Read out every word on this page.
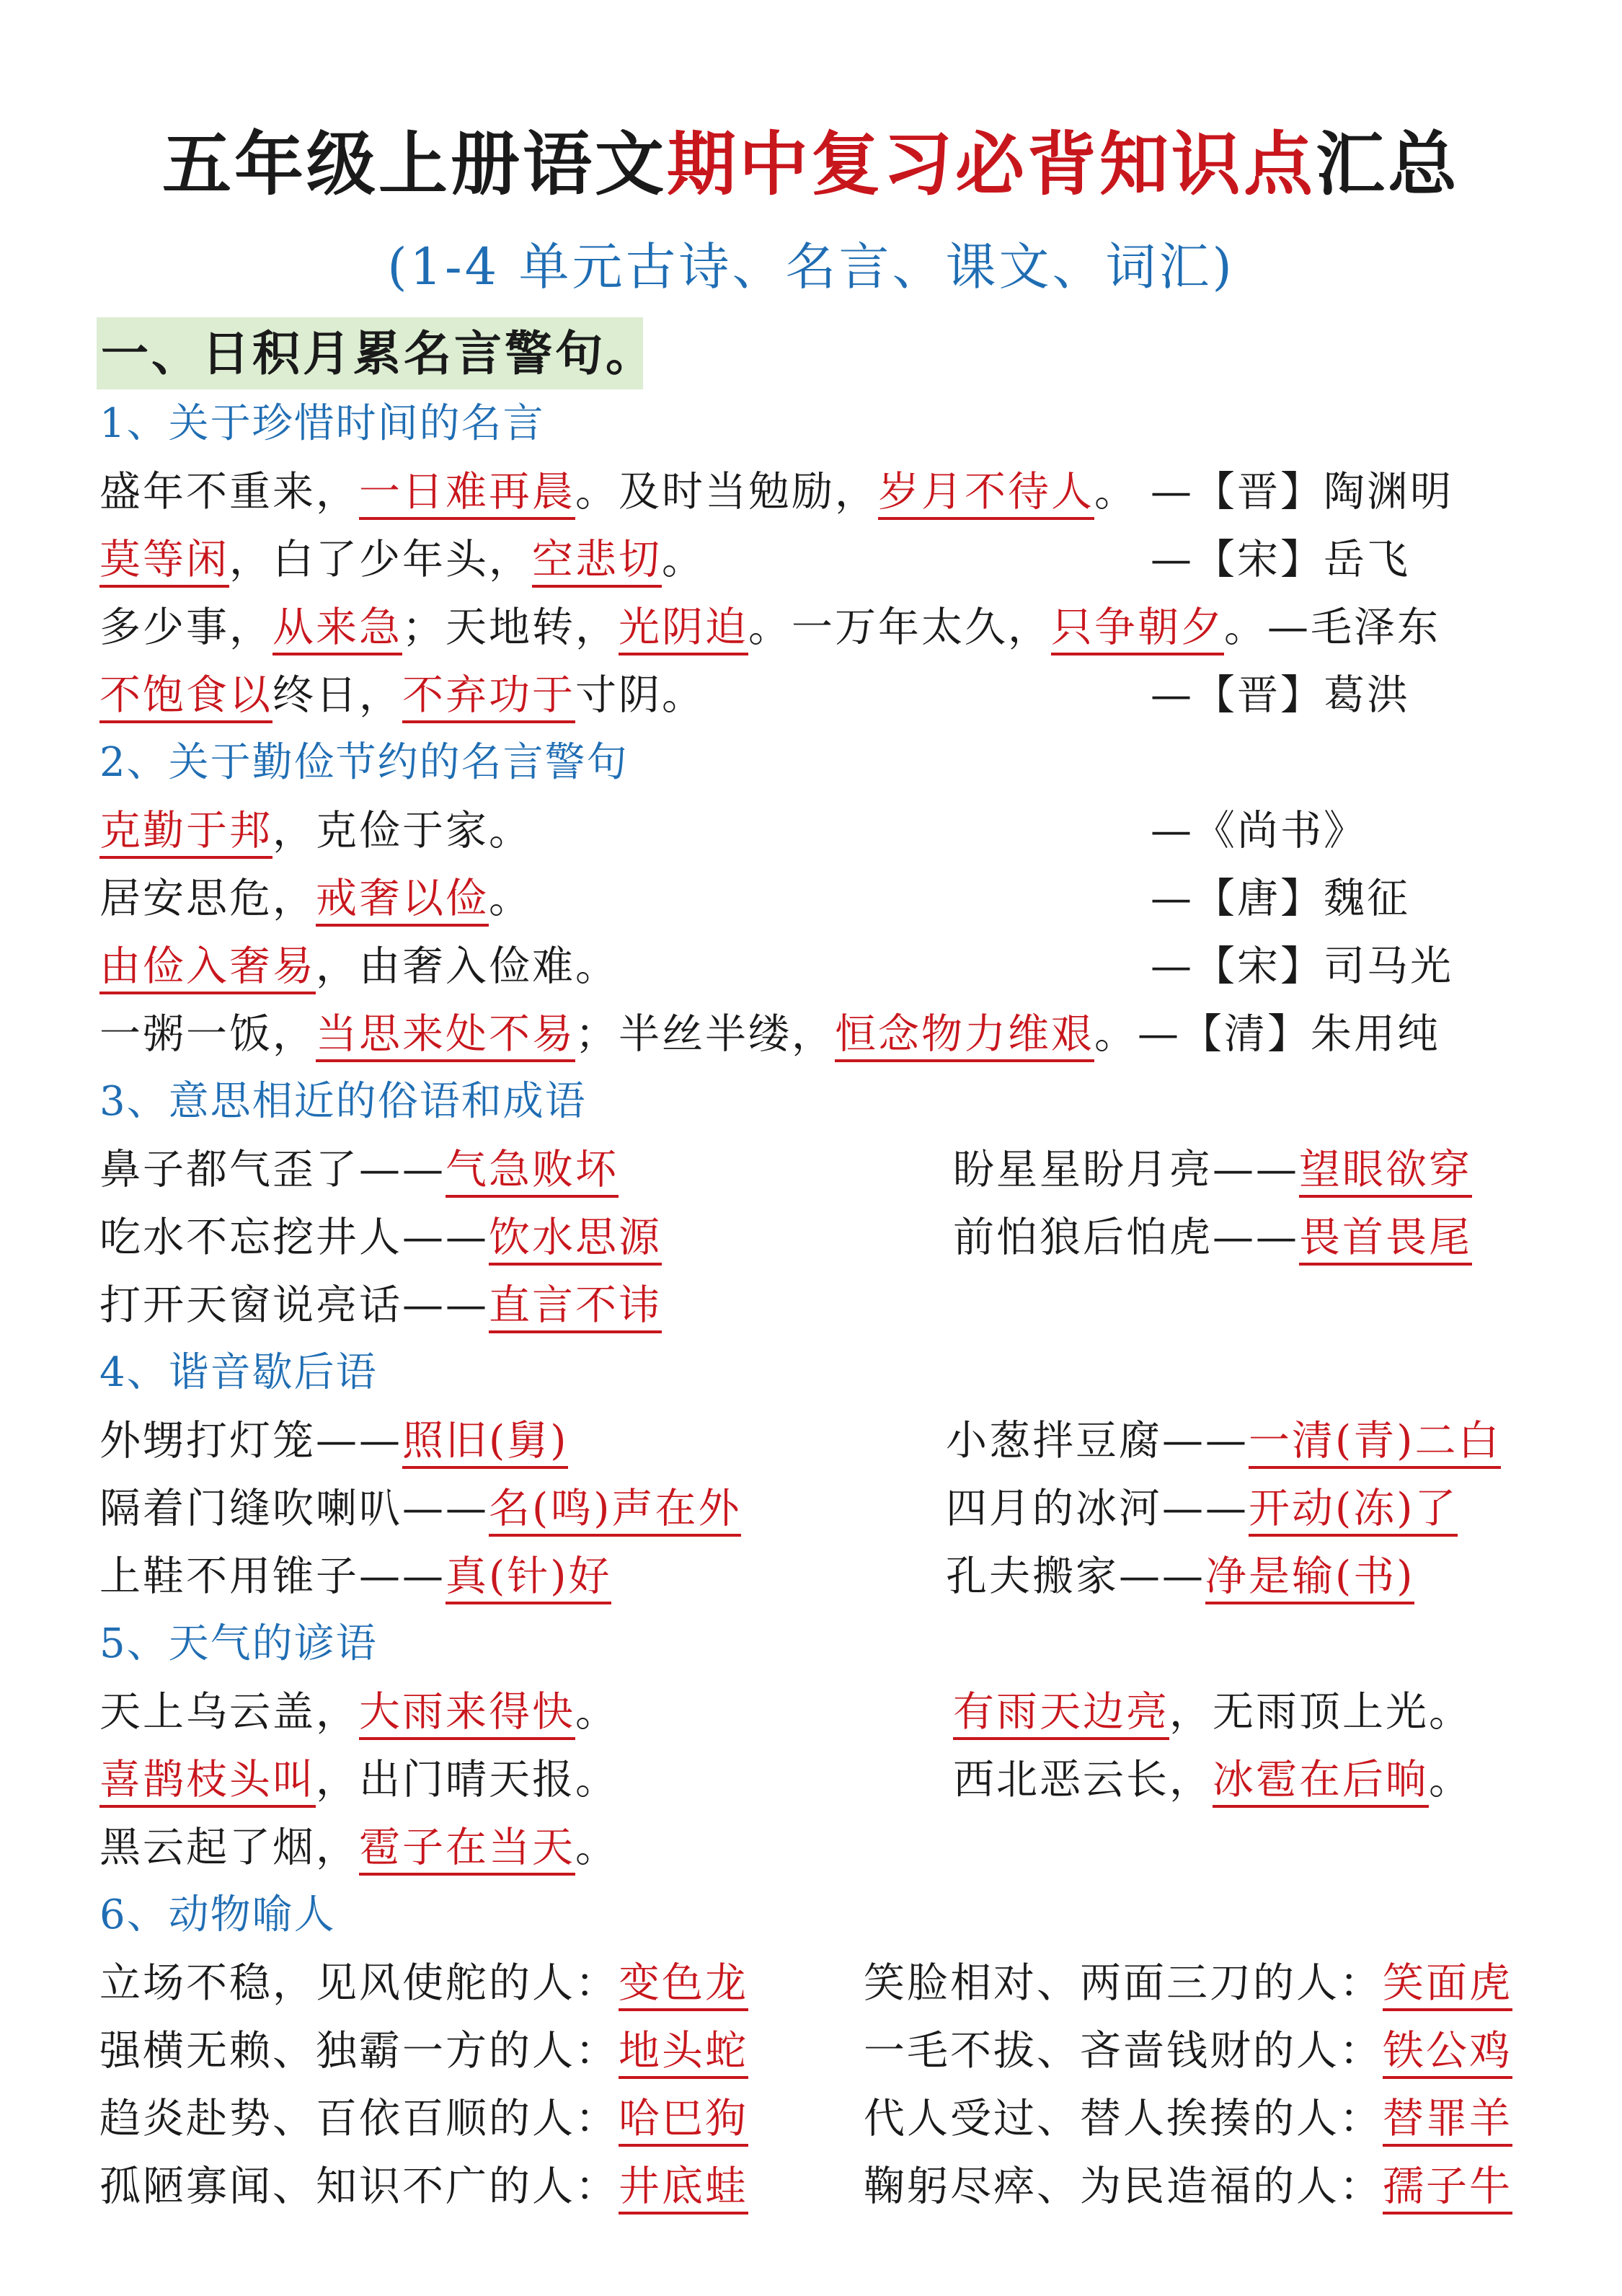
五年级上册语文期中复习必背知识点汇总
(1-4 单元古诗、名言、课文、词汇)
一、日积月累名言警句。
1、关于珍惜时间的名言
盛年不重来，一日难再晨。及时当勉励，岁月不待人。 —【晋】陶渊明
莫等闲，白了少年头，空悲切。	—【宋】岳飞
多少事，从来急；天地转，光阴迫。一万年太久，只争朝夕。—毛泽东
不饱食以终日，不弃功于寸阴。	—【晋】葛洪
2、关于勤俭节约的名言警句
克勤于邦，克俭于家。	—《尚书》
居安思危，戒奢以俭。	—【唐】魏征
由俭入奢易，由奢入俭难。	—【宋】司马光
一粥一饭，当思来处不易；半丝半缕，恒念物力维艰。—【清】朱用纯
3、意思相近的俗语和成语
鼻子都气歪了——气急败坏	盼星星盼月亮——望眼欲穿
吃水不忘挖井人——饮水思源	前怕狼后怕虎——畏首畏尾
打开天窗说亮话——直言不讳
4、谐音歇后语
外甥打灯笼——照旧(舅)	小葱拌豆腐——一清(青)二白
隔着门缝吹喇叭——名(鸣)声在外	四月的冰河——开动(冻)了
上鞋不用锥子——真(针)好	孔夫搬家——净是输(书)
5、天气的谚语
天上乌云盖，大雨来得快。	有雨天边亮，无雨顶上光。
喜鹊枝头叫，出门晴天报。	西北恶云长，冰雹在后晌。
黑云起了烟，雹子在当天。
6、动物喻人
立场不稳，见风使舵的人：变色龙	笑脸相对、两面三刀的人：笑面虎
强横无赖、独霸一方的人：地头蛇	一毛不拔、吝啬钱财的人：铁公鸡
趋炎赴势、百依百顺的人：哈巴狗	代人受过、替人挨揍的人：替罪羊
孤陋寡闻、知识不广的人：井底蛙	鞠躬尽瘁、为民造福的人：孺子牛
